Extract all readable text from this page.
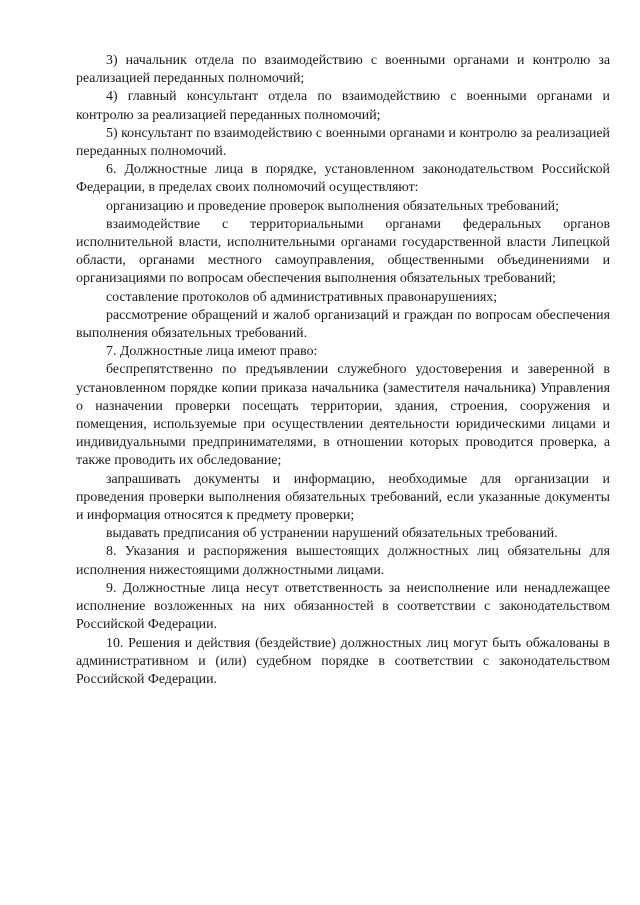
3) начальник отдела по взаимодействию с военными органами и контролю за реализацией переданных полномочий;

4) главный консультант отдела по взаимодействию с военными органами и контролю за реализацией переданных полномочий;

5) консультант по взаимодействию с военными органами и контролю за реализацией переданных полномочий.

6. Должностные лица в порядке, установленном законодательством Российской Федерации, в пределах своих полномочий осуществляют:

организацию и проведение проверок выполнения обязательных требований;

взаимодействие с территориальными органами федеральных органов исполнительной власти, исполнительными органами государственной власти Липецкой области, органами местного самоуправления, общественными объединениями и организациями по вопросам обеспечения выполнения обязательных требований;

составление протоколов об административных правонарушениях;

рассмотрение обращений и жалоб организаций и граждан по вопросам обеспечения выполнения обязательных требований.

7. Должностные лица имеют право:

беспрепятственно по предъявлении служебного удостоверения и заверенной в установленном порядке копии приказа начальника (заместителя начальника) Управления о назначении проверки посещать территории, здания, строения, сооружения и помещения, используемые при осуществлении деятельности юридическими лицами и индивидуальными предпринимателями, в отношении которых проводится проверка, а также проводить их обследование;

запрашивать документы и информацию, необходимые для организации и проведения проверки выполнения обязательных требований, если указанные документы и информация относятся к предмету проверки;

выдавать предписания об устранении нарушений обязательных требований.

8. Указания и распоряжения вышестоящих должностных лиц обязательны для исполнения нижестоящими должностными лицами.

9. Должностные лица несут ответственность за неисполнение или ненадлежащее исполнение возложенных на них обязанностей в соответствии с законодательством Российской Федерации.

10. Решения и действия (бездействие) должностных лиц могут быть обжалованы в административном и (или) судебном порядке в соответствии с законодательством Российской Федерации.
